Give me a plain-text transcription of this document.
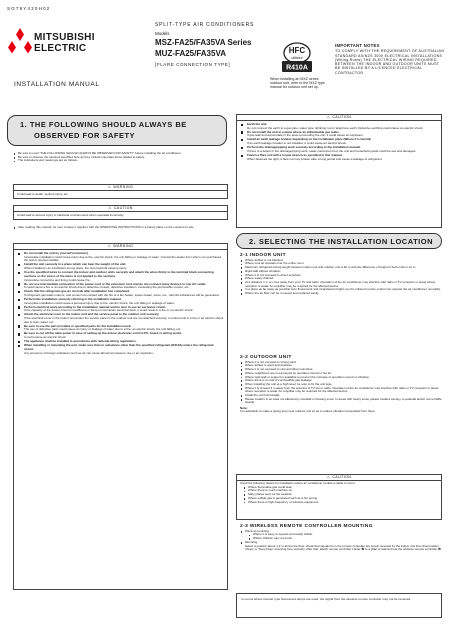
SG79Y420H02
MITSUBISHI
ELECTRIC
INSTALLATION MANUAL
SPLIT-TYPE AIR CONDITIONERS
Models
MSZ-FA25/FA35VA Series
MUZ-FA25/FA35VA
[FLARE CONNECTION TYPE]
HFC
utilized
R410A
When installing an MXZ series outdoor unit, refer to the MXZ type manual for outdoor unit set up.
IMPORTANT NOTES
TO COMPLY WITH THE REQUIREMENT OF AUSTRALIAN STANDARD AS/NZS 3000 ELECTRICAL INSTALLATIONS (Wiring Rules) THE ELECTRICAL WIRING REQUIRED BETWEEN THE INDOOR AND OUTDOOR UNITS MUST BE INSTALLED BY A LICENCED ELECTRICAL CONTRACTOR.
1. THE FOLLOWING SHOULD ALWAYS BE
OBSERVED FOR SAFETY
Be sure to read "THE FOLLOWING SHOULD ALWAYS BE OBSERVED FOR SAFETY" before installing the air conditioner.
Be sure to observe the cautions specified here as they include important items related to safety.
The indications and meanings are as follows.
⚠ WARNING
Could lead to death, serious injury, etc.
⚠ CAUTION
Could lead to serious injury in particular environments when operated incorrectly.
After reading this manual, be sure to keep it together with the OPERATING INSTRUCTIONS in a handy place on the customer's site.
⚠ WARNING
Do not install the unit by yourself (customer).
Incomplete installation could cause injury due to fire, electric shock, the unit falling or leakage of water. Consult the dealer from whom you purchased the unit or special installer.
Install the unit securely in a place which can bear the weight of the unit.
When installed in an insufficient strong place, the unit could fall causing injury.
Use the specified wires to connect the indoor and outdoor units securely and attach the wires firmly to the terminal block connecting sections so the stress of the wires is not applied to the sections.
Incomplete connecting and fixing could cause fire.
Do not use intermediate connection of the power cord or the extension cord and do not connect many devices to one AC outlet.
It could cause a fire or an electric shock due to defective contact, defective insulation, exceeding the permissible current, etc.
Check that the refrigerant gas do not leak after installation has completed.
If refrigerant gas leaks indoors, and comes into contact with the fire of a fan heater, space heater, stove, etc., harmful substances will be generated.
Perform the installation securely referring to the installation manual.
Incomplete installation could cause a personal injury due to fire, electric shock, the unit falling or leakage of water.
Perform electrical work according to the installation manual and be sure to use an exclusive circuit.
If the capacity of the power circuit is insufficient or there is incomplete electrical work, it could result in a fire or an electric shock.
Attach the electrical cover to the indoor unit and the service panel to the outdoor unit securely.
If the electrical cover in the indoor unit and/or the service panel in the outdoor unit are not attached securely, it could result in a fire or an electric shock due to dust, water, etc.
Be sure to use the part provided or specified parts for the installation work.
The use of defective parts could cause an injury or leakage of water due to a fire, an electric shock, the unit falling, etc.
Be sure to cut off the main power in case of setting up the indoor electronic control P.C. board or wiring works.
It could cause an electric shock.
The appliance shall be installed in accordance with national wiring regulations.
When installing or relocating the unit, make sure that no substance other than the specified refrigerant (R410A) enters the refrigerant circuit.
Any presence of foreign substance such as air can cause abnormal pressure rise or an explosion.
⚠ CAUTION
Earth the unit.
Do not connect the earth to a gas pipe, water pipe, lightning rod or telephone earth. Defective earthing could cause an electric shock.
Do not install the unit in a place where an inflammable gas leaks.
If gas leak and accumulate in the area surrounding the unit, it could cause an explosion.
Install an earth leakage breaker depending on the installation place (Where it is humid).
If an earth leakage breaker is not installed, it could cause an electric shock.
Perform the drainage/piping work securely according to the installation manual.
If there is a defect in the drainage/piping work, water could drop from the unit and household goods could be wet and damaged.
Fasten a flare nut with a torque wrench as specified in this manual.
When fastened too tight, a flare nut may broken after a long period and cause a leakage of refrigerant.
2. SELECTING THE INSTALLATION LOCATION
2-1 INDOOR UNIT
Where airflow is not blocked.
Where cool air spreads over the entire room.
Maximum refrigerant piping length between indoor unit and outdoor unit is 20 m and the difference of height of both units is 12 m.
Rigid wall without vibration.
Where it is not exposed to direct sunshine.
Where easily drained.
At a distance 1 m or more away from your TV and radio. Operation of the air conditioner may interfere with radio or TV reception in areas where reception is weak. An amplifier may be required for the affected device.
In a place as far away as possible from fluorescent and incandescent lights (so the infrared remote control can operate the air conditioner normally).
Where the air filter can be removed and replaced easily.
2-2 OUTDOOR UNIT
Where it is not exposed to strong wind.
Where airflow is good and dustless.
Where it is not exposed to rain and direct sunshine.
Where neighbours are not annoyed by operation sound or hot air.
Where rigid wall or support is available to prevent the increase of operation sound or vibration.
Where there is no risk of combustible gas leakage.
When installing the unit at a high level, be sure to fix the unit legs.
Where it is at least 3 m away from the antenna of TV set or radio. Operation of the air conditioner may interfere with radio or TV reception in areas where reception is weak. An amplifier may be required for the affected device.
Install the unit horizontally.
Please install it in an area not affected by snowfall or blowing snow. In areas with heavy snow, please install a canopy, a pedestal and/or some baffle boards.
Note:
It is advisable to make a piping loop near outdoor unit so as to reduce vibration transmitted from there.
⚠ CAUTION
Avoid the following places for installation where air conditioner trouble is liable to occur.
Where flammable gas could leak.
Where there is much machine oil.
Salty places such as the seaside.
Where sulfide gas is generated such as a hot spring.
Where there is high-frequency or wireless equipment.
2-3 WIRELESS REMOTE CONTROLLER MOUNTING
Place of mounting
Where it is easy to operate and easily visible.
Where children can not touch.
Mounting
Select a position about 1.2 m above the floor, check that signals from the remote controller are surely received by the indoor unit from that position ('beep' or 'beep beep' receiving tone sounds). After that, attach remote controller holder ❶ to a pillar or wall and set the wireless remote controller ❷.
In rooms where inverter type fluorescent lamps are used, the signal from the wireless remote controller may not be received.
